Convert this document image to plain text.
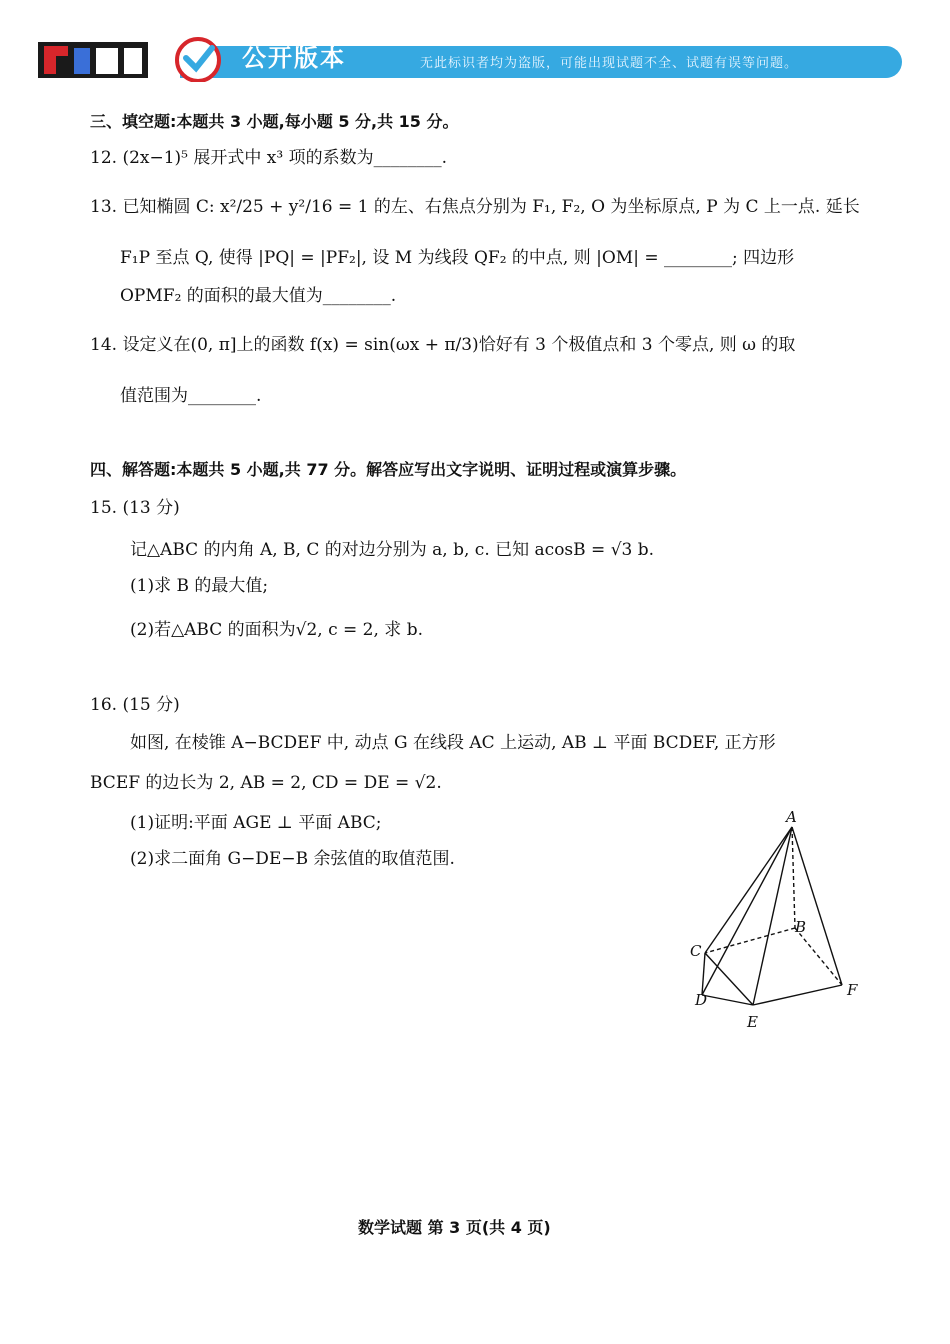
公开版本	无此标识者均为盗版，可能出现试题不全、试题有误等问题。
三、填空题:本题共 3 小题,每小题 5 分,共 15 分。
12. (2x−1)⁵ 展开式中 x³ 项的系数为________.
13. 已知椭圆 C: x²/25 + y²/16 = 1 的左、右焦点分别为 F₁, F₂, O 为坐标原点, P 为 C 上一点. 延长
F₁P 至点 Q, 使得 |PQ| = |PF₂|, 设 M 为线段 QF₂ 的中点, 则 |OM| = ________; 四边形
OPMF₂ 的面积的最大值为________.
14. 设定义在(0, π]上的函数 f(x) = sin(ωx + π/3)恰好有 3 个极值点和 3 个零点, 则 ω 的取
值范围为________.
四、解答题:本题共 5 小题,共 77 分。解答应写出文字说明、证明过程或演算步骤。
15. (13 分)
记△ABC 的内角 A, B, C 的对边分别为 a, b, c. 已知 acosB = √3 b.
(1)求 B 的最大值;
(2)若△ABC 的面积为√2, c = 2, 求 b.
16. (15 分)
如图, 在棱锥 A−BCDEF 中, 动点 G 在线段 AC 上运动, AB ⊥ 平面 BCDEF, 正方形
BCEF 的边长为 2, AB = 2, CD = DE = √2.
(1)证明:平面 AGE ⊥ 平面 ABC;
(2)求二面角 G−DE−B 余弦值的取值范围.
A
B
C
D
E
F
数学试题 第 3 页(共 4 页)
